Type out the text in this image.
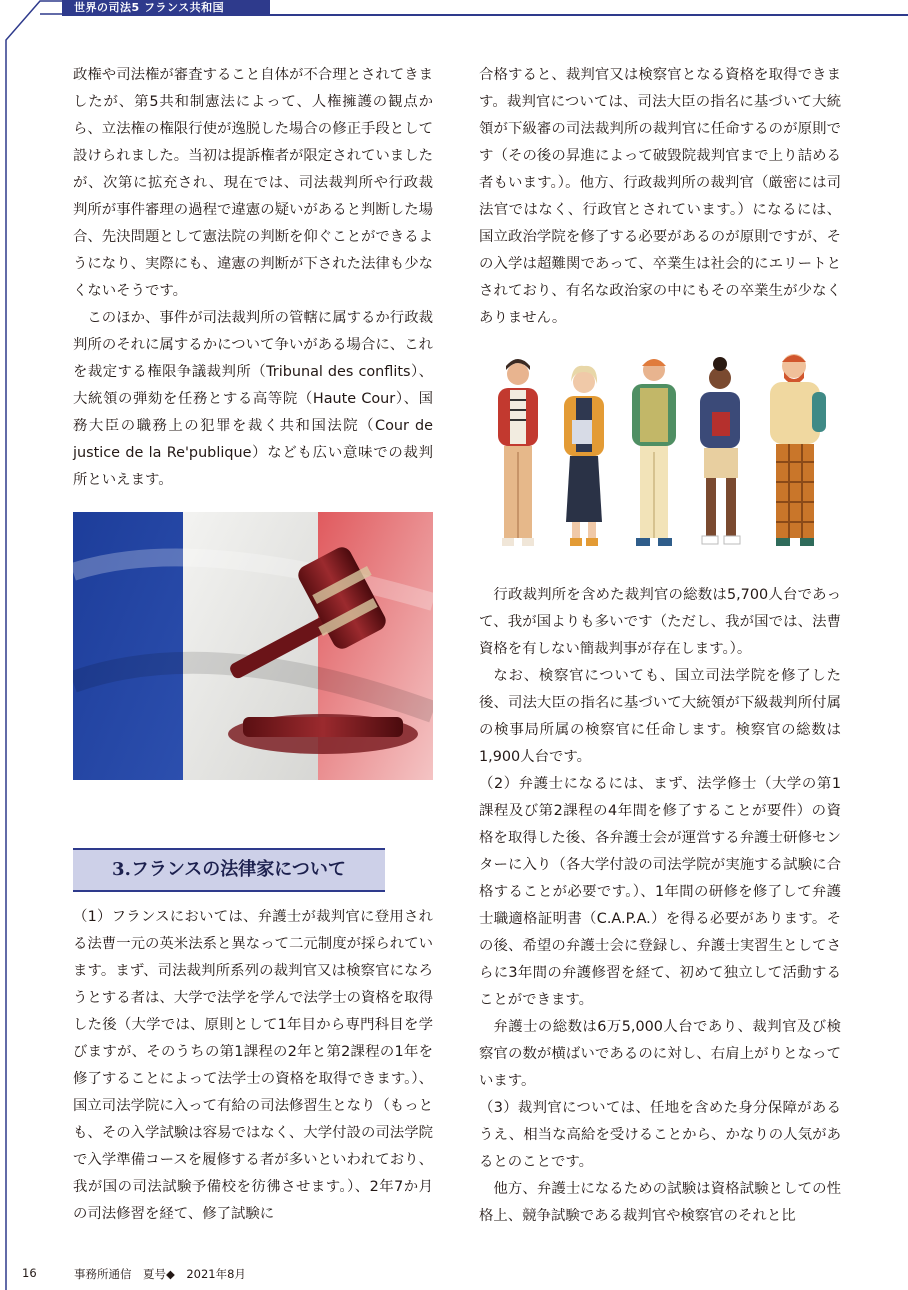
世界の司法5 フランス共和国

政権や司法権が審査すること自体が不合理とされてきましたが、第5共和制憲法によって、人権擁護の観点から、立法権の権限行使が逸脱した場合の修正手段として設けられました。当初は提訴権者が限定されていましたが、次第に拡充され、現在では、司法裁判所や行政裁判所が事件審理の過程で違憲の疑いがあると判断した場合、先決問題として憲法院の判断を仰ぐことができるようになり、実際にも、違憲の判断が下された法律も少なくないそうです。

このほか、事件が司法裁判所の管轄に属するか行政裁判所のそれに属するかについて争いがある場合に、これを裁定する権限争議裁判所（Tribunal des conflits）、大統領の弾劾を任務とする高等院（Haute Cour）、国務大臣の職務上の犯罪を裁く共和国法院（Cour de justice de la Re'publique）なども広い意味での裁判所といえます。

3.フランスの法律家について

（1）フランスにおいては、弁護士が裁判官に登用される法曹一元の英米法系と異なって二元制度が採られています。まず、司法裁判所系列の裁判官又は検察官になろうとする者は、大学で法学を学んで法学士の資格を取得した後（大学では、原則として1年目から専門科目を学びますが、そのうちの第1課程の2年と第2課程の1年を修了することによって法学士の資格を取得できます。）、国立司法学院に入って有給の司法修習生となり（もっとも、その入学試験は容易ではなく、大学付設の司法学院で入学準備コースを履修する者が多いといわれており、我が国の司法試験予備校を彷彿させます。）、2年7か月の司法修習を経て、修了試験に

合格すると、裁判官又は検察官となる資格を取得できます。裁判官については、司法大臣の指名に基づいて大統領が下級審の司法裁判所の裁判官に任命するのが原則です（その後の昇進によって破毀院裁判官まで上り詰める者もいます。）。他方、行政裁判所の裁判官（厳密には司法官ではなく、行政官とされています。）になるには、国立政治学院を修了する必要があるのが原則ですが、その入学は超難関であって、卒業生は社会的にエリートとされており、有名な政治家の中にもその卒業生が少なくありません。

行政裁判所を含めた裁判官の総数は5,700人台であって、我が国よりも多いです（ただし、我が国では、法曹資格を有しない簡裁判事が存在します。）。

なお、検察官についても、国立司法学院を修了した後、司法大臣の指名に基づいて大統領が下級裁判所付属の検事局所属の検察官に任命します。検察官の総数は1,900人台です。

（2）弁護士になるには、まず、法学修士（大学の第1課程及び第2課程の4年間を修了することが要件）の資格を取得した後、各弁護士会が運営する弁護士研修センターに入り（各大学付設の司法学院が実施する試験に合格することが必要です。）、1年間の研修を修了して弁護士職適格証明書（C.A.P.A.）を得る必要があります。その後、希望の弁護士会に登録し、弁護士実習生としてさらに3年間の弁護修習を経て、初めて独立して活動することができます。

弁護士の総数は6万5,000人台であり、裁判官及び検察官の数が横ばいであるのに対し、右肩上がりとなっています。

（3）裁判官については、任地を含めた身分保障があるうえ、相当な高給を受けることから、かなりの人気があるとのことです。

他方、弁護士になるための試験は資格試験としての性格上、競争試験である裁判官や検察官のそれと比

16	事務所通信　夏号◆　2021年8月
